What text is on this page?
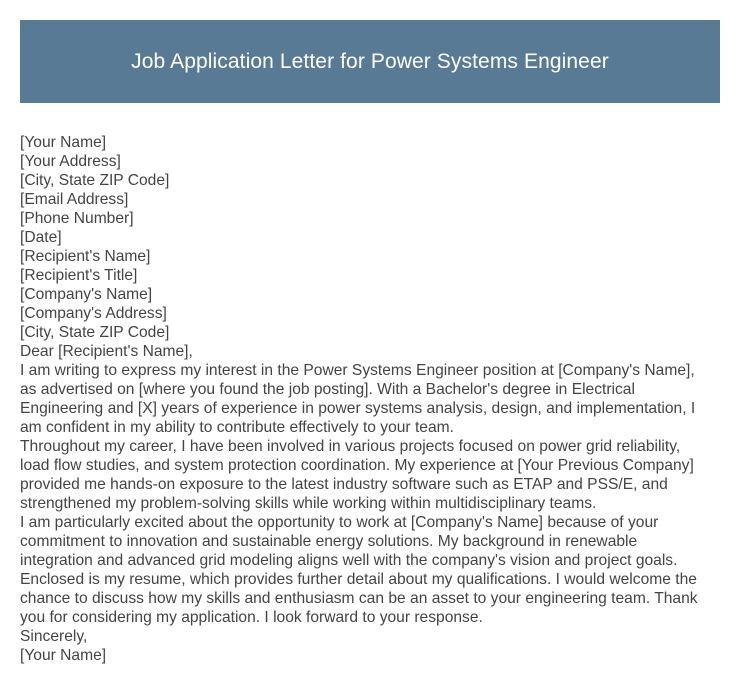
Job Application Letter for Power Systems Engineer
[Your Name]
[Your Address]
[City, State ZIP Code]
[Email Address]
[Phone Number]
[Date]
[Recipient's Name]
[Recipient's Title]
[Company's Name]
[Company's Address]
[City, State ZIP Code]
Dear [Recipient's Name],
I am writing to express my interest in the Power Systems Engineer position at [Company's Name],
as advertised on [where you found the job posting]. With a Bachelor's degree in Electrical
Engineering and [X] years of experience in power systems analysis, design, and implementation, I
am confident in my ability to contribute effectively to your team.
Throughout my career, I have been involved in various projects focused on power grid reliability,
load flow studies, and system protection coordination. My experience at [Your Previous Company]
provided me hands-on exposure to the latest industry software such as ETAP and PSS/E, and
strengthened my problem-solving skills while working within multidisciplinary teams.
I am particularly excited about the opportunity to work at [Company's Name] because of your
commitment to innovation and sustainable energy solutions. My background in renewable
integration and advanced grid modeling aligns well with the company's vision and project goals.
Enclosed is my resume, which provides further detail about my qualifications. I would welcome the
chance to discuss how my skills and enthusiasm can be an asset to your engineering team. Thank
you for considering my application. I look forward to your response.
Sincerely,
[Your Name]
